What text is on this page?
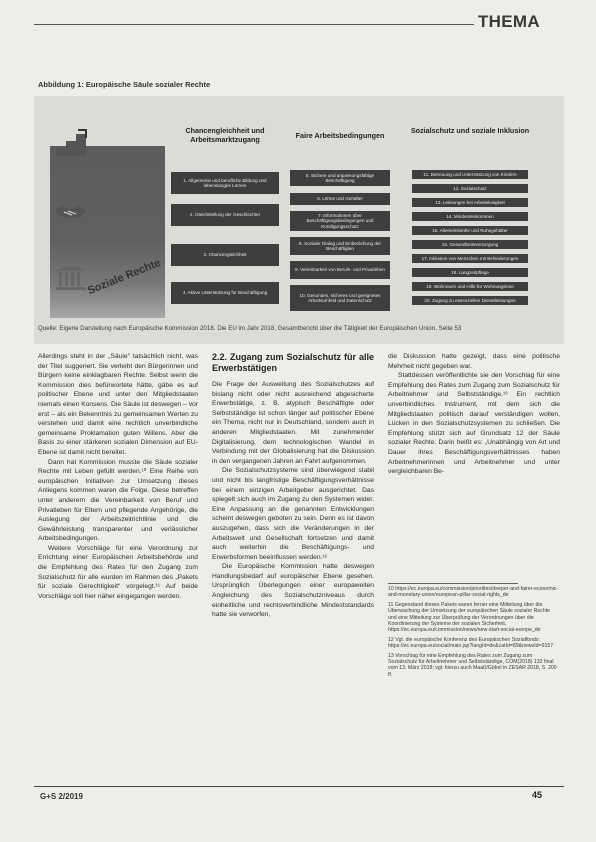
THEMA
Abbildung 1: Europäische Säule sozialer Rechte
Chancengleichheit und Arbeitsmarktzugang	Faire Arbeitsbedingungen
Sozialschutz und soziale Inklusion
Soziale Rechte
1. Allgemeine und berufliche Bildung und lebenslanges Lernen
2. Gleichstellung der Geschlechter
3. Chancengleichheit
4. Aktive Unterstützung für Beschäftigung
5. Sichere und anpassungsfähige Beschäftigung
6. Löhne und Gehälter
7. Informationen über Beschäftigungsbedingungen und Kündigungsschutz
8. Sozialer Dialog und Einbeziehung der Beschäftigten
9. Vereinbarkeit von Berufs- und Privatleben
10. Gesundes, sicheres und geeignetes Arbeitsumfeld und Datenschutz
11. Betreuung und Unterstützung von Kindern
12. Sozialschutz
13. Leistungen bei Arbeitslosigkeit
14. Mindesteinkommen
15. Alterseinkünfte und Ruhegehälter
16. Gesundheitsversorgung
17. Inklusion von Menschen mit Behinderungen
18. Langzeitpflege
19. Wohnraum und Hilfe für Wohnungslose
20. Zugang zu essenziellen Dienstleistungen
Quelle: Eigene Darstellung nach Europäische Kommission 2018. Die EU im Jahr 2018, Gesamtbericht über die Tätigkeit der Europäischen Union, Seite 53

Allerdings steht in der „Säule“ tatsächlich nicht, was der Titel suggeriert. Sie verleiht den Bürgerinnen und Bürgern keine einklagbaren Rechte. Selbst wenn die Kommission dies befürwortete hätte, gäbe es auf politischer Ebene und unter den Mitgliedstaaten niemals einen Konsens. Die Säule ist deswegen – vor erst – als ein Bekenntnis zu gemeinsamen Werten zu verstehen und damit eine rechtlich unverbindliche gemeinsame Proklamation guten Willens. Aber die Basis zu einer stärkeren sozialen Dimension auf EU-Ebene ist damit nicht bereitet.

Dann hat Kommission musste die Säule sozialer Rechte mit Leben gefüllt werden.¹⁰ Eine Reihe von europäischen Initiativen zur Umsetzung dieses Anliegens kommen waren die Folge. Diese betreffen unter anderem die Vereinbarkeit von Beruf und Privatleben für Eltern und pflegende Angehörige, die Auslegung der Arbeitszeitrichtlinie und die Gewährleistung transparenter und verlässlicher Arbeitsbedingungen.

Weitere Vorschläge für eine Verordnung zur Errichtung einer Europäischen Arbeitsbehörde und die Empfehlung des Rates für den Zugang zum Sozialschutz für alle wurden im Rahmen des „Pakets für soziale Gerechtigkeit“ vorgelegt.¹¹ Auf beide Vorschläge soll hier näher eingegangen werden.

2.2. Zugang zum Sozialschutz für alle Erwerbstätigen

Die Frage der Ausweitung des Sozialschutzes auf bislang nicht oder nicht ausreichend abgesicherte Erwerbstätige, z. B. atypisch Beschäftigte oder Selbstständige ist schon länger auf politischer Ebene ein Thema, nicht nur in Deutschland, sondern auch in anderen Mitgliedstaaten. Mit zunehmender Digitalisierung, dem technologischen Wandel in Verbindung mit der Globalisierung hat die Diskussion in den vergangenen Jahren an Fahrt aufgenommen.

Die Sozialschutzsysteme sind überwiegend stabil und nicht bis langfristige Beschäftigungsverhältnisse bei einem einzigen Arbeitgeber ausgerichtet. Das spiegelt sich auch im Zugang zu den Systemen wider. Eine Anpassung an die genannten Entwicklungen scheint deswegen geboten zu sein. Denn es ist davon auszugehen, dass sich die Veränderungen in der Arbeitswelt und Gesellschaft fortsetzen und damit auch weiterhin die Beschäftigungs- und Erwerbsformen beeinflussen werden.¹²

Die Europäische Kommission hatte deswegen Handlungsbedarf auf europäischer Ebene gesehen. Ursprünglich Überlegungen einer europaweiten Angleichung des Sozialschutzniveaus durch einheitliche und rechtsverbindliche Mindeststandards hatte sie verworfen,

die Diskussion hatte gezeigt, dass eine politische Mehrheit nicht gegeben war.

Stattdessen veröffentlichte sie den Vorschlag für eine Empfehlung des Rates zum Zugang zum Sozialschutz für Arbeitnehmer und Selbstständige.¹³ Ein rechtlich unverbindliches Instrument, mit dem sich die Mitgliedstaaten politisch darauf verständigen wollen, Lücken in den Sozialschutzsystemen zu schließen. Die Empfehlung stützt sich auf Grundsatz 12 der Säule sozialer Rechte. Darin heißt es: „Unabhängig von Art und Dauer ihres Beschäftigungsverhältnisses haben Arbeitnehmerinnen und Arbeitnehmer und unter vergleichbaren Be-

10 https://ec.europa.eu/commission/priorities/deeper-and-fairer-economic-and-monetary-union/european-pillar-social-rights_de
11 Gegenstand dieses Pakets waren ferner eine Mitteilung über die Überwachung der Umsetzung der europäischen Säule sozialer Rechte und eine Mitteilung zur Überprüfung der Verordnungen über die Koordinierung der Systeme der sozialen Sicherheit, https://ec.europa.eu/commission/news/new-start-social-europe_de
12 Vgl. die europäische Konferenz des Europäischen Sozialfonds: https://ec.europa.eu/social/main.jsp?langId=de&catId=89&newsId=9157
13 Vorschlag für eine Empfehlung des Rates zum Zugang zum Sozialschutz für Arbeitnehmer und Selbstständige, COM(2018) 132 final vom 13. März 2018; vgl. hierzu auch Maaß/Göbel in ZESAR 2018, S. 200 ff.
G+S 2/2019	45
